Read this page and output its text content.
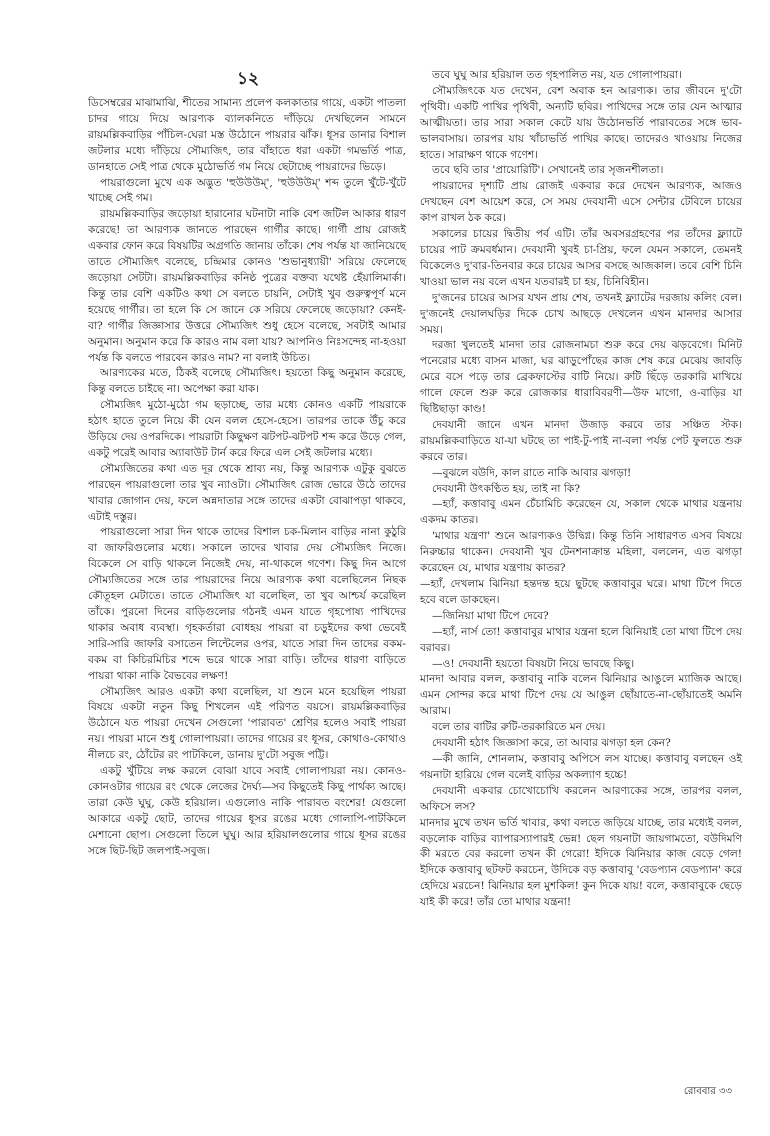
১২

ডিসেম্বরের মাঝামাঝি, শীতের সামান্য প্রলেপ কলকাতার গায়ে, একটা পাতলা চাদর গায়ে দিয়ে আরণ্যক ব্যালকনিতে দাঁড়িয়ে দেখছিলেন সামনে রায়মল্লিকবাড়ির পাঁচিল-ঘেরা মস্ত উঠোনে পায়রার ঝাঁক। ধূসর ডানার বিশাল জটলার মধ্যে দাঁড়িয়ে সৌম্যজিৎ, তার বাঁহাতে ধরা একটা গমভর্তি পাত্র, ডানহাতে সেই পাত্র থেকে মুঠোভর্তি গম নিয়ে ছেটাচ্ছে পায়রাদের ভিড়ে।

পায়রাগুলো মুখে এক অদ্ভুত 'হুউউউম্', 'হুউউউম্' শব্দ তুলে খুঁটে-খুঁটে খাচ্ছে সেই গম।

রায়মল্লিকবাড়ির জড়োয়া হারানোর ঘটনাটা নাকি বেশ জটিল আকার ধারণ করেছে! তা আরণ্যক জানতে পারছেন গার্গীর কাছে। গার্গী প্রায় রোজই একবার ফোন করে বিষয়টির অগ্রগতি জানায় তাঁকে। শেষ পর্যন্ত যা জানিয়েছে তাতে সৌম্যজিৎ বলেছে, চন্দ্রিমার কোনও 'শুভানুধ্যায়ী' সরিয়ে ফেলেছে জড়োয়া সেটটা। রায়মল্লিকবাড়ির কনিষ্ঠ পুত্রের বক্তব্য যথেষ্ট হেঁয়ালিমার্কা। কিন্তু তার বেশি একটিও কথা সে বলতে চায়নি, সেটাই খুব গুরুত্বপূর্ণ মনে হয়েছে গার্গীর। তা হলে কি সে জানে কে সরিয়ে ফেলেছে জড়োয়া? কেনই-বা? গার্গীর জিজ্ঞাসার উত্তরে সৌম্যজিৎ শুধু হেসে বলেছে, সবটাই আমার অনুমান। অনুমান করে কি কারও নাম বলা যায়? আপনিও নিঃসন্দেহ না-হওয়া পর্যন্ত কি বলতে পারবেন কারও নাম? না বলাই উচিত।

আরণ্যকের মতে, ঠিকই বলেছে সৌম্যজিৎ। হয়তো কিছু অনুমান করেছে, কিন্তু বলতে চাইছে না। অপেক্ষা করা যাক।

সৌম্যজিৎ মুঠো-মুঠো গম ছড়াচ্ছে, তার মধ্যে কোনও একটি পায়রাকে হঠাৎ হাতে তুলে নিয়ে কী যেন বলল হেসে-হেসে। তারপর তাকে উঁচু করে উড়িয়ে দেয় ওপরদিকে। পায়রাটা কিছুক্ষণ ঝটপট-ঝটপট শব্দ করে উড়ে গেল, একটু পরেই আবার অ্যাবাউট টার্ন করে ফিরে এল সেই জটলার মধ্যে।

সৌম্যজিতের কথা এত দূর থেকে শ্রাব্য নয়, কিন্তু আরণ্যক এটুকু বুঝতে পারছেন পায়রাগুলো তার খুব ন্যাওটা। সৌম্যজিৎ রোজ ভোরে উঠে তাদের খাবার জোগান দেয়, ফলে অন্নদাতার সঙ্গে তাদের একটা বোঝাপড়া থাকবে, এটাই দস্তুর।

পায়রাগুলো সারা দিন থাকে তাদের বিশাল চক-মিলান বাড়ির নানা কুঠুরি বা জাফরিগুলোর মধ্যে। সকালে তাদের খাবার দেয় সৌম্যজিৎ নিজে। বিকেলে সে বাড়ি থাকলে নিজেই দেয়, না-থাকলে গণেশ। কিছু দিন আগে সৌম্যজিতের সঙ্গে তার পায়রাদের নিয়ে আরণ্যক কথা বলেছিলেন নিছক কৌতূহল মেটাতে। তাতে সৌম্যজিৎ যা বলেছিল, তা খুব আশ্চর্য করেছিল তাঁকে। পুরনো দিনের বাড়িগুলোর গঠনই এমন যাতে গৃহপোষ্য পাখিদের থাকার অবাধ ব্যবস্থা। গৃহকর্তারা বোধহয় পায়রা বা চড়ুইদের কথা ভেবেই সারি-সারি জাফরি বসাতেন লিন্টেলের ওপর, যাতে সারা দিন তাদের বকম-বকম বা কিচিরমিচির শব্দে ভরে থাকে সারা বাড়ি। তাঁদের ধারণা বাড়িতে পায়রা থাকা নাকি বৈভবের লক্ষণ!

সৌম্যজিৎ আরও একটা কথা বলেছিল, যা শুনে মনে হয়েছিল পায়রা বিষয়ে একটা নতুন কিছু শিখলেন এই পরিণত বয়সে। রায়মল্লিকবাড়ির উঠোনে যত পায়রা দেখেন সেগুলো 'পারাবত' শ্রেণির হলেও সবাই পায়রা নয়। পায়রা মানে শুধু গোলাপায়রা। তাদের গায়ের রং ধূসর, কোথাও-কোথাও নীলচে রং, ঠোঁটের রং পাটকিলে, ডানায় দু'টো সবুজ পট্টি।

একটু খুঁটিয়ে লক্ষ করলে বোঝা যাবে সবাই গোলাপায়রা নয়। কোনও-কোনওটার গায়ের রং থেকে লেজের দৈর্ঘ্য—সব কিছুতেই কিছু পার্থক্য আছে। তারা কেউ ঘুঘু, কেউ হরিয়াল। এগুলোও নাকি পারাবত বংশের! যেগুলো আকারে একটু ছোট, তাদের গায়ের ধূসর রঙের মধ্যে গোলাপি-পাটকিলে মেশানো ছোপ। সেগুলো তিলে ঘুঘু। আর হরিয়ালগুলোর গায়ে ধূসর রঙের সঙ্গে ছিট-ছিট জলপাই-সবুজ।

তবে ঘুঘু আর হরিয়াল তত গৃহপালিত নয়, যত গোলাপায়রা।

সৌম্যজিৎকে যত দেখেন, বেশ অবাক হন আরণ্যক। তার জীবনে দু'টো পৃথিবী। একটি পাখির পৃথিবী, অন্যটি ছবির। পাখিদের সঙ্গে তার যেন আত্মার আত্মীয়তা। তার সারা সকাল কেটে যায় উঠোনভর্তি পারাবতের সঙ্গে ভাব-ভালবাসায়। তারপর যায় খাঁচাভর্তি পাখির কাছে। তাদেরও খাওয়ায় নিজের হাতে। সারাক্ষণ থাকে গণেশ।

তবে ছবি তার 'প্রায়োরিটি'। সেখানেই তার সৃজনশীলতা।

পায়রাদের দৃশ্যটি প্রায় রোজই একবার করে দেখেন আরণ্যক, আজও দেখছেন বেশ আয়েশ করে, সে সময় দেবযানী এসে সেন্টার টেবিলে চায়ের কাপ রাখল ঠক করে।

সকালের চায়ের দ্বিতীয় পর্ব এটি। তাঁর অবসরগ্রহণের পর তাঁদের ফ্ল্যাটে চায়ের পাট ক্রমবর্ধমান। দেবযানী খুবই চা-প্রিয়, ফলে যেমন সকালে, তেমনই বিকেলেও দু'বার-তিনবার করে চায়ের আসর বসছে আজকাল। তবে বেশি চিনি খাওয়া ভাল নয় বলে এখন যতবারই চা হয়, চিনিবিহীন।

দু'জনের চায়ের আসর যখন প্রায় শেষ, তখনই ফ্ল্যাটের দরজায় কলিং বেল। দু'জনেই দেয়ালঘড়ির দিকে চোখ আছড়ে দেখলেন এখন মানদার আসার সময়।

দরজা খুলতেই মানদা তার রোজনামচা শুরু করে দেয় ঝড়বেগে। মিনিট পনেরোর মধ্যে বাসন মাজা, ঘর ঝাড়ুপোঁছের কাজ শেষ করে মেঝেয় জাবড়ি মেরে বসে পড়ে তার ব্রেকফাস্টের বাটি নিয়ে। রুটি ছিঁড়ে তরকারি মাখিয়ে গালে ফেলে শুরু করে রোজকার ধারাবিবরণী—উফ মাগো, ও-বাড়ির যা ছিষ্টিছাড়া কাণ্ড!

দেবযানী জানে এখন মানদা উজাড় করবে তার সঞ্চিত স্টক। রায়মল্লিকবাড়িতে যা-যা ঘটছে তা পাই-টু-পাই না-বলা পর্যন্ত পেট ফুলতে শুরু করবে তার।

—বুঝলে বউদি, কাল রাতে নাকি আবার ঝগড়া!

দেবযানী উৎকণ্ঠিত হয়, তাই না কি?

—হ্যাঁ, কত্তাবাবু এমন চেঁচামিচি করেছেন যে, সকাল থেকে মাথার যন্ত্রনায় একদম কাতর।

'মাথার যন্ত্রণা' শুনে আরণ্যকও উদ্বিগ্ন। কিন্তু তিনি সাধারণত এসব বিষয়ে নিরুচ্চার থাকেন। দেবযানী খুব টেনশনাক্রান্ত মহিলা, বললেন, এত ঝগড়া করেছেন যে, মাথার যন্ত্রণায় কাতর?

—হ্যাঁ, দেখলাম ঝিনিয়া হন্তদন্ত হয়ে ছুটছে কত্তাবাবুর ঘরে। মাথা টিপে দিতে হবে বলে ডাকছেন।

—জিনিয়া মাথা টিপে দেবে?

—হ্যাঁ, নার্স তো! কত্তাবাবুর মাথার যন্ত্রনা হলে ঝিনিয়াই তো মাথা টিপে দেয় বরাবর।

—ও! দেবযানী হয়তো বিষয়টা নিয়ে ভাবছে কিছু।

মানদা আবার বলল, কত্তাবাবু নাকি বলেন ঝিনিয়ার আঙুলে ম্যাজিক আছে। এমন সোন্দর করে মাথা টিপে দেয় যে আঙুল ছোঁয়াতে-না-ছোঁয়াতেই অমনি আরাম।

বলে তার বাটির রুটি-তরকারিতে মন দেয়।

দেবযানী হঠাৎ জিজ্ঞাসা করে, তা আবার ঝগড়া হল কেন?

—কী জানি, শোনলাম, কত্তাবাবু অপিসে লস যাচ্ছে। কত্তাবাবু বলছেন ওই গয়নাটা হারিয়ে গেল বলেই বাড়ির অকল্যাণ হচ্চে!

দেবযানী একবার চোখোচোখি করলেন আরণ্যকের সঙ্গে, তারপর বলল, অফিসে লস?

মানদার মুখে তখন ভর্তি খাবার, কথা বলতে জড়িয়ে যাচ্ছে, তার মধ্যেই বলল, বড়লোক বাড়ির ব্যাপারস্যাপারই ভেন্ন! ছেল গয়নাটা জায়গামতো, বউদিমণি কী মরতে বের করলো তখন কী গেরো! ইদিকে ঝিনিয়ার কাজ বেড়ে গেল! ইদিকে কত্তাবাবু ছটফট করচেন, উদিকে বড় কত্তাবাবু 'বেডপ্যান বেডপ্যান' করে হেদিয়ে মরচেন! ঝিনিয়ার হল মুশকিল! কুন দিকে যায়! বলে, কত্তাবাবুকে ছেড়ে যাই কী করে! তাঁর তো মাথার যন্ত্রনা!

রোববার ৩৩
